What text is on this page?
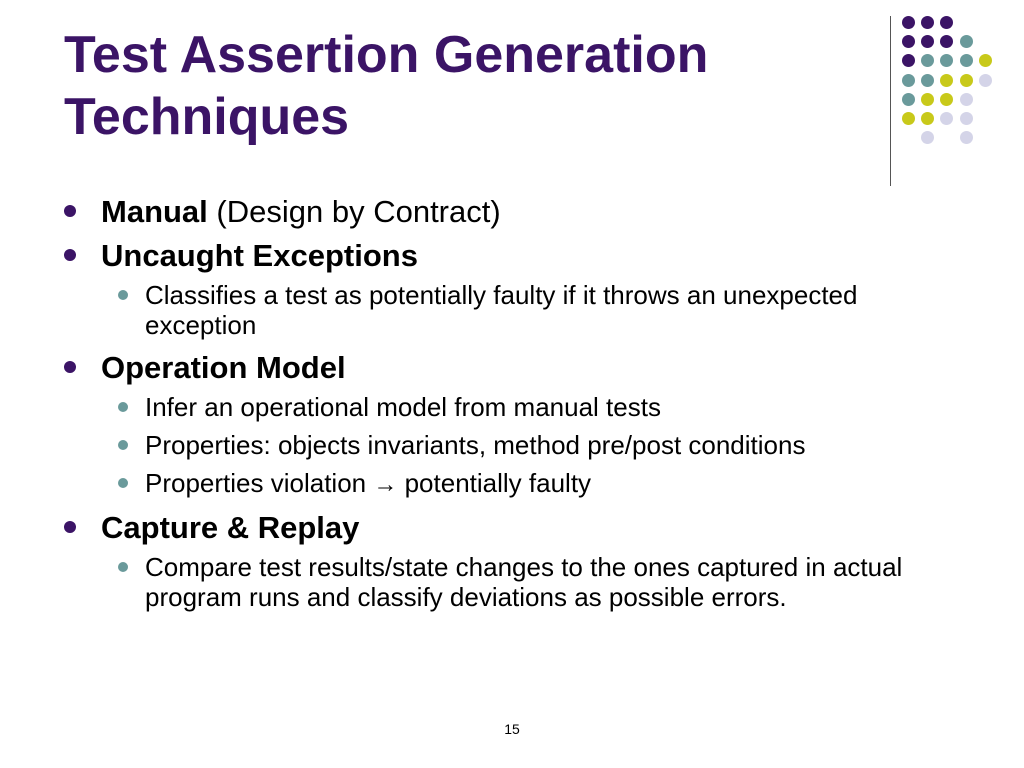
Test Assertion Generation
Techniques
Manual (Design by Contract)
Uncaught Exceptions
Classifies a test as potentially faulty if it throws an unexpected exception
Operation Model
Infer an operational model from manual tests
Properties: objects invariants, method pre/post conditions
Properties violation → potentially faulty
Capture & Replay
Compare test results/state changes to the ones captured in actual program runs and classify deviations as possible errors.
15
